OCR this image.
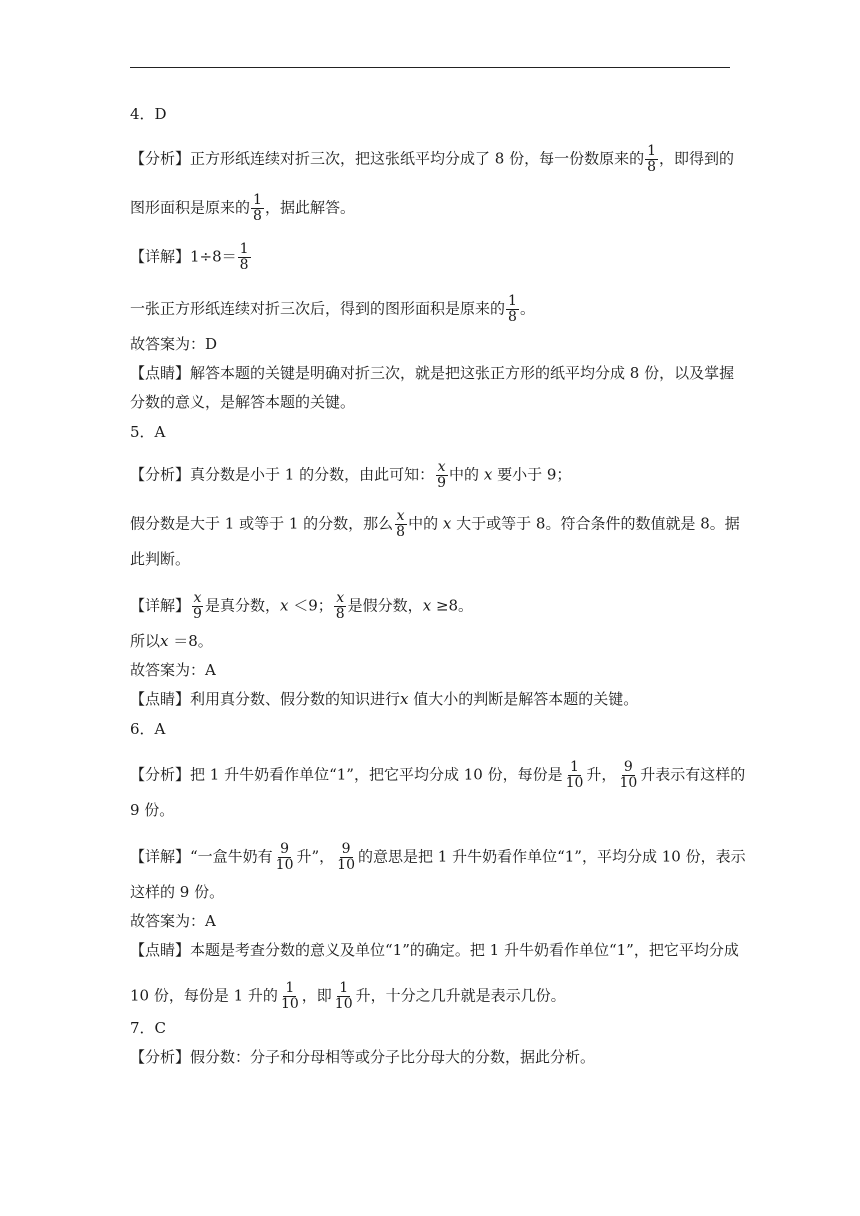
4．D
【分析】正方形纸连续对折三次，把这张纸平均分成了 8 份，每一份数原来的 $\frac{1}{8}$ ，即得到的
图形面积是原来的 $\frac{1}{8}$ ，据此解答。
【详解】$1\div 8= \frac{1}{8}$
一张正方形纸连续对折三次后，得到的图形面积是原来的 $\frac{1}{8}$ 。
故答案为：D
【点睛】解答本题的关键是明确对折三次，就是把这张正方形的纸平均分成 8 份，以及掌握
分数的意义，是解答本题的关键。
5．A
【分析】真分数是小于 1 的分数，由此可知： $\frac{x}{9}$ 中的 x 要小于 9；
假分数是大于 1 或等于 1 的分数，那么 $\frac{x}{8}$ 中的 x 大于或等于 8。符合条件的数值就是 8。据
此判断。
【详解】 $\frac{x}{9}$ 是真分数，x ＜9； $\frac{x}{8}$ 是假分数，x ≥8。
所以x ＝8。
故答案为：A
【点睛】利用真分数、假分数的知识进行x 值大小的判断是解答本题的关键。
6．A
【分析】把 1 升牛奶看作单位“1”，把它平均分成 10 份，每份是 $\frac{1}{10}$ 升， $\frac{9}{10}$ 升表示有这样的
9 份。
【详解】“一盒牛奶有 $\frac{9}{10}$ 升”， $\frac{9}{10}$ 的意思是把 1 升牛奶看作单位“1”，平均分成 10 份，表示
这样的 9 份。
故答案为：A
【点睛】本题是考查分数的意义及单位“1”的确定。把 1 升牛奶看作单位“1”，把它平均分成
10 份，每份是 1 升的 $\frac{1}{10}$ ，即 $\frac{1}{10}$ 升，十分之几升就是表示几份。
7．C
【分析】假分数：分子和分母相等或分子比分母大的分数，据此分析。
